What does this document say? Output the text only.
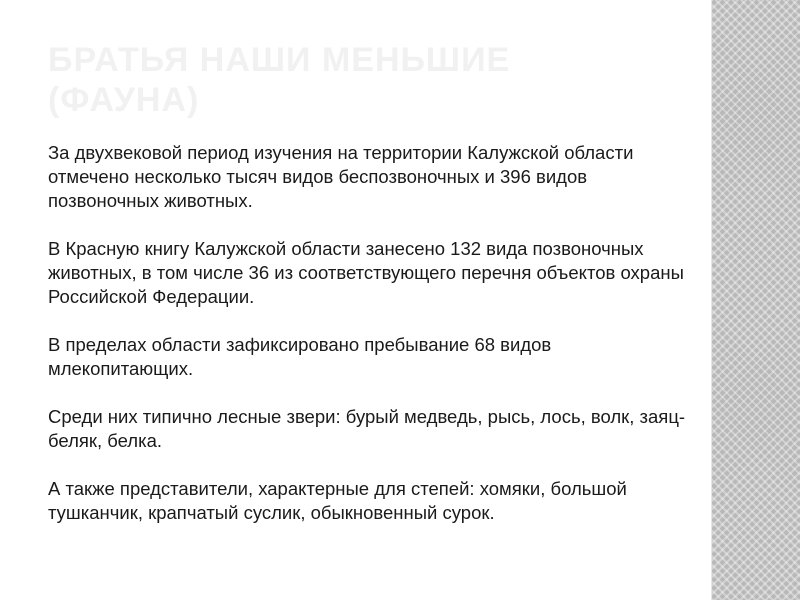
БРАТЬЯ НАШИ МЕНЬШИЕ (ФАУНА)

За двухвековой период изучения на территории Калужской области отмечено несколько тысяч видов беспозвоночных и 396 видов позвоночных животных.

В Красную книгу Калужской области занесено 132 вида позвоночных животных, в том числе 36 из соответствующего перечня объектов охраны Российской Федерации.

В пределах области зафиксировано пребывание 68 видов млекопитающих.

Среди них типично лесные звери: бурый медведь, рысь, лось, волк, заяц-беляк, белка.

А также представители, характерные для степей: хомяки, большой тушканчик, крапчатый суслик, обыкновенный сурок.
